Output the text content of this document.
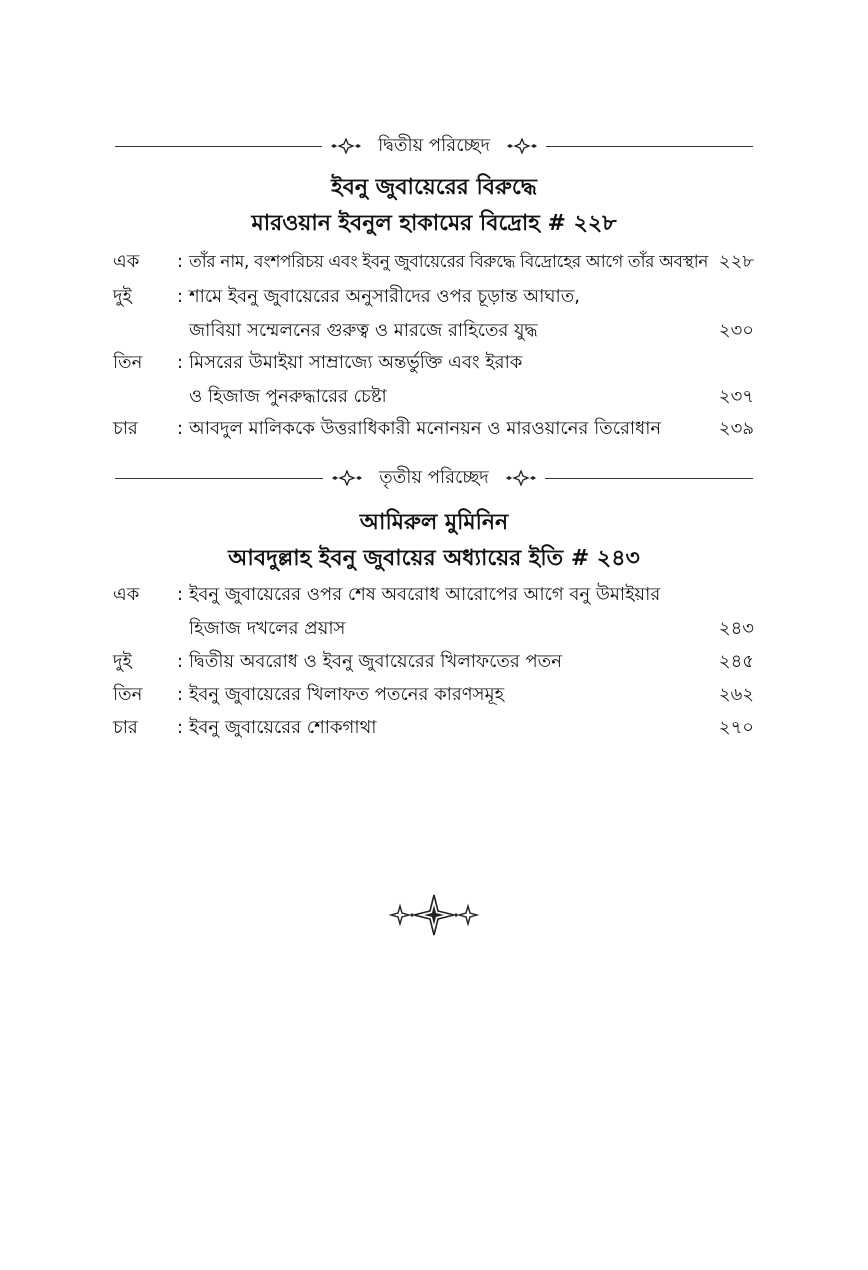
দ্বিতীয় পরিচ্ছেদ
ইবনু জুবায়েরের বিরুদ্ধে
মারওয়ান ইবনুল হাকামের বিদ্রোহ # ২২৮
এক : তাঁর নাম, বংশপরিচয় এবং ইবনু জুবায়েরের বিরুদ্ধে বিদ্রোহের আগে তাঁর অবস্থান ২২৮
দুই	: শামে ইবনু জুবায়েরের অনুসারীদের ওপর চূড়ান্ত আঘাত,
জাবিয়া সম্মেলনের গুরুত্ব ও মারজে রাহিতের যুদ্ধ	২৩০
তিন : মিসরের উমাইয়া সাম্রাজ্যে অন্তর্ভুক্তি এবং ইরাক
ও হিজাজ পুনরুদ্ধারের চেষ্টা	২৩৭
চার : আবদুল মালিককে উত্তরাধিকারী মনোনয়ন ও মারওয়ানের তিরোধান	২৩৯
তৃতীয় পরিচ্ছেদ
আমিরুল মুমিনিন
আবদুল্লাহ ইবনু জুবায়ের অধ্যায়ের ইতি # ২৪৩
এক : ইবনু জুবায়েরের ওপর শেষ অবরোধ আরোপের আগে বনু উমাইয়ার
হিজাজ দখলের প্রয়াস	২৪৩
দুই	: দ্বিতীয় অবরোধ ও ইবনু জুবায়েরের খিলাফতের পতন	২৪৫
তিন : ইবনু জুবায়েরের খিলাফত পতনের কারণসমূহ	২৬২
চার : ইবনু জুবায়েরের শোকগাথা	২৭০
